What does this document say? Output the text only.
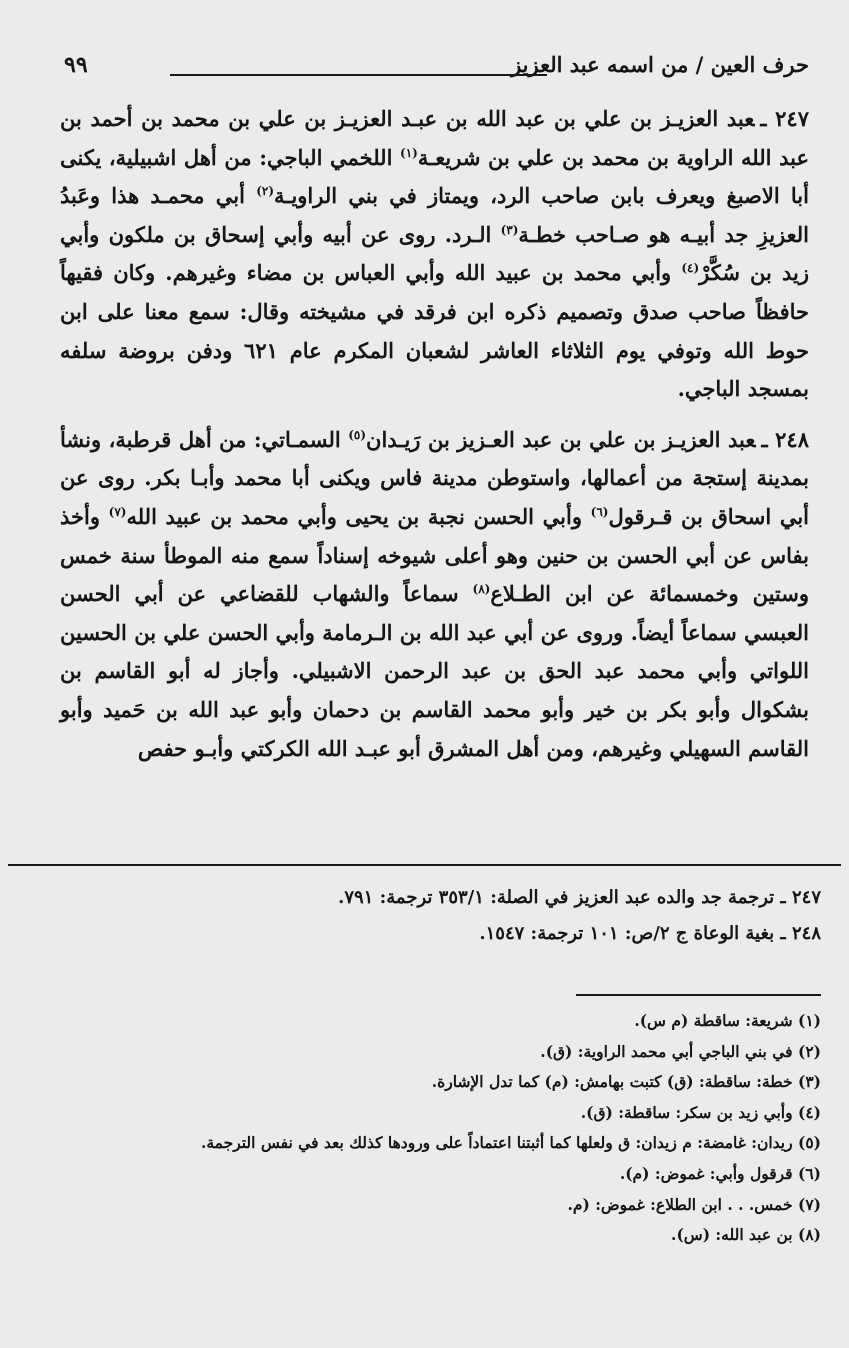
حرف العين / من اسمه عبد العزيز
٩٩

٢٤٧ ـعبد العزيـز بن علي بن عبد الله بن عبـد العزيـز بن علي بن محمد بن أحمد بن عبد الله الراوية بن محمد بن علي بن شريعـة$^{(١)}$ اللخمي الباجي: من أهل اشبيلية، يكنى أبا الاصبغ ويعرف بابن صاحب الرد، ويمتاز في بني الراويـة$^{(٢)}$ أبي محمـد هذا وعَبدُ العزيزِ جد أبيـه هو صـاحب خطـة$^{(٣)}$ الـرد. روى عن أبيه وأبي إسحاق بن ملكون وأبي زيد بن سُكَّرْ$^{(٤)}$ وأبي محمد بن عبيد الله وأبي العباس بن مضاء وغيرهم. وكان فقيهاً حافظاً صاحب صدق وتصميم ذكره ابن فرقد في مشيخته وقال: سمع معنا على ابن حوط الله وتوفي يوم الثلاثاء العاشر لشعبان المكرم عام ٦٢١ ودفن بروضة سلفه بمسجد الباجي.

٢٤٨ ـعبد العزيـز بن علي بن عبد العـزيز بن رَيـدان$^{(٥)}$ السمـاتي: من أهل قرطبة، ونشأ بمدينة إستجة من أعمالها، واستوطن مدينة فاس ويكنى أبا محمد وأبـا بكر. روى عن أبي اسحاق بن قـرقول$^{(٦)}$ وأبي الحسن نجبة بن يحيى وأبي محمد بن عبيد الله$^{(٧)}$ وأخذ بفاس عن أبي الحسن بن حنين وهو أعلى شيوخه إسناداً سمع منه الموطأ سنة خمس وستين وخمسمائة عن ابن الطـلاع$^{(٨)}$ سماعاً والشهاب للقضاعي عن أبي الحسن العبسي سماعاً أيضاً. وروى عن أبي عبد الله بن الـرمامة وأبي الحسن علي بن الحسين اللواتي وأبي محمد عبد الحق بن عبد الرحمن الاشبيلي. وأجاز له أبو القاسم بن بشكوال وأبو بكر بن خير وأبو محمد القاسم بن دحمان وأبو عبد الله بن حَميد وأبو القاسم السهيلي وغيرهم، ومن أهل المشرق أبو عبـد الله الكركتي وأبـو حفص

٢٤٧ ـ ترجمة جد والده عبد العزيز في الصلة: ٣٥٣/١ ترجمة: ٧٩١.
٢٤٨ ـ بغية الوعاة ج ٢/ص: ١٠١ ترجمة: ١٥٤٧.
(١) شريعة: ساقطة (م س).
(٢) في بني الباجي أبي محمد الراوية: (ق).
(٣) خطة: ساقطة: (ق) كتبت بهامش: (م) كما تدل الإشارة.
(٤) وأبي زيد بن سكر: ساقطة: (ق).
(٥) ريدان: غامضة: م زيدان: ق ولعلها كما أثبتنا اعتماداً على ورودها كذلك بعد في نفس الترجمة.
(٦) قرقول وأبي: غموض: (م).
(٧) خمس. . . ابن الطلاع: غموض: (م.
(٨) بن عبد الله: (س).
